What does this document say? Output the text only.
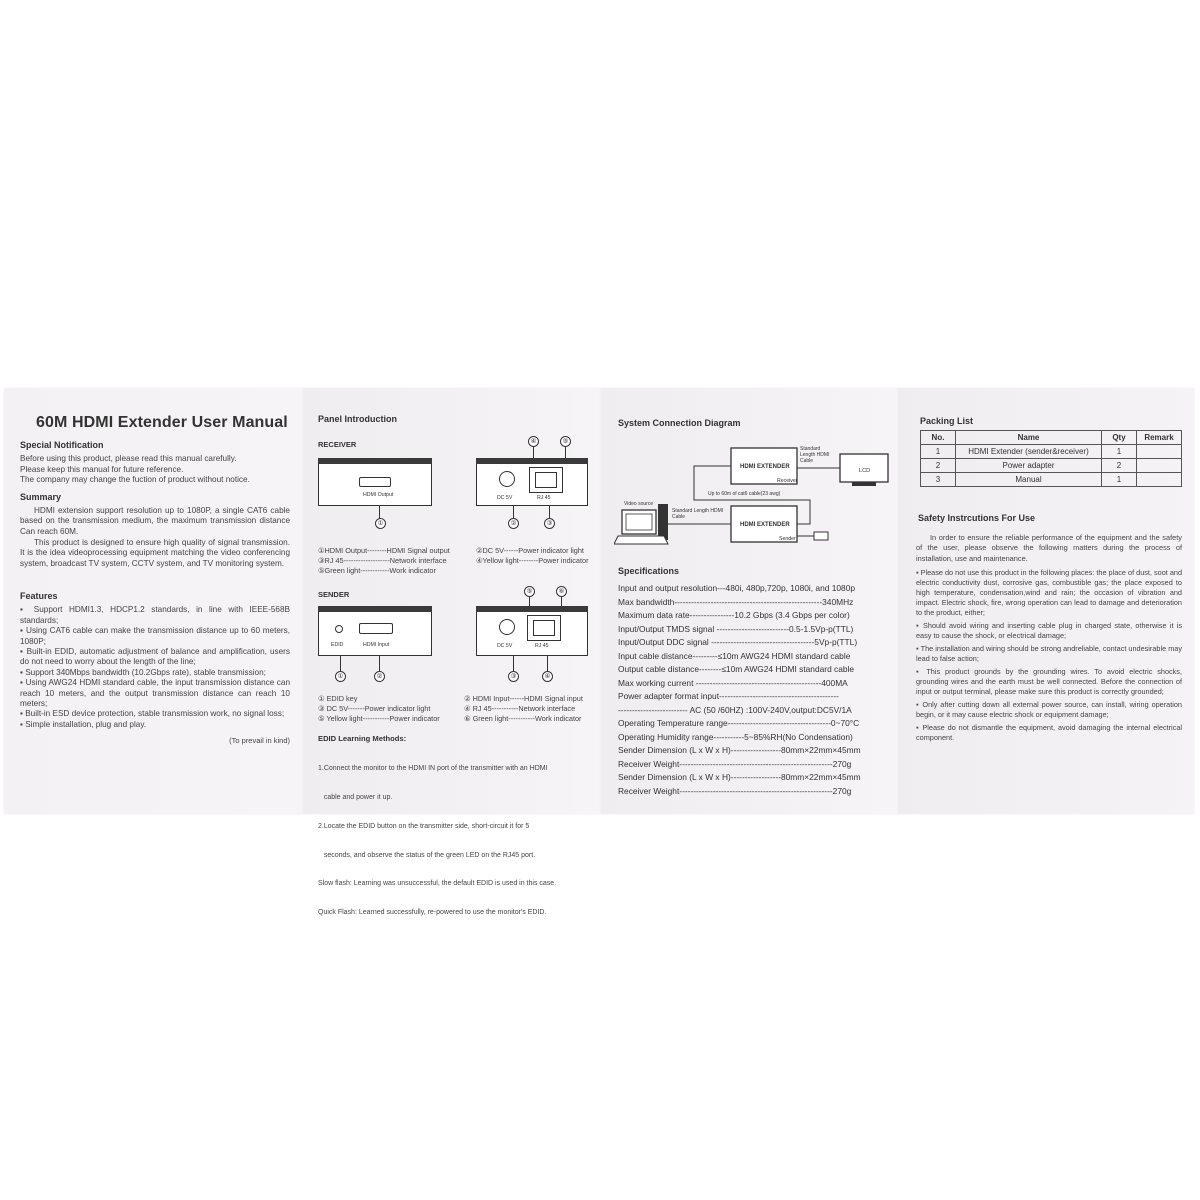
60M HDMI Extender User Manual
Special Notification

Before using this product, please read this manual carefully.

Please keep this manual for future reference.

The company may change the fuction of product without notice.

Summary

HDMI extension support resolution up to 1080P, a single CAT6 cable based on the transmission medium, the maximum transmission distance Can reach 60M.

This product is designed to ensure high quality of signal transmission. It is the idea videoprocessing equipment matching the video conferencing system, broadcast TV system, CCTV system, and TV monitoring system.

Features
▪ Support HDMI1.3, HDCP1.2 standards, in line with IEEE-568B standards;
▪ Using CAT6 cable can make the transmission distance up to 60 meters, 1080P;
▪ Built-in EDID, automatic adjustment of balance and amplification, users do not need to worry about the length of the line;
▪ Support 340Mbps bandwidth (10.2Gbps rate), stable transmission;
▪ Using AWG24 HDMI standard cable, the input transmission distance can reach 10 meters, and the output transmission distance can reach 10 meters;
▪ Built-in ESD device protection, stable transmission work, no signal loss;
▪ Simple installation, plug and play.
(To prevail in kind)
Panel Introduction
RECEIVER
HDMI Output
①
④	⑤
DC 5V	RJ 45
②	③
①HDMI Output--------HDMI Signal output
③RJ 45-------------------Network interface
⑤Green light------------Work indicator
②DC 5V------Power indicator light
④Yellow light--------Power indicator
SENDER
EDID	HDMI Input
①	②
⑤	⑥
DC 5V	RJ 45
③	④
① EDID key
③ DC 5V-------Power indicator light
⑤ Yellow light-----------Power indicator
② HDMI Input------HDMI Signal input
④ RJ 45-----------Network interface
⑥ Green light-----------Work indicator
EDID Learning Methods:

1.Connect the monitor to the HDMI IN port of the transmitter with an HDMI

cable and power it up.

2.Locate the EDID button on the transmitter side, short-circuit it for 5

seconds, and observe the status of the green LED on the RJ45 port.

Slow flash: Learning was unsuccessful, the default EDID is used in this case.

Quick Flash: Learned successfully, re-powered to use the monitor's EDID.

System Connection Diagram
HDMI EXTENDER
Receiver
HDMI EXTENDER
Sender
LCD
Standard Length HDMI Cable
Up to 60m of cat6 cable(23 awg)
Video source
Standard Length HDMI Cable
Specifications
Input and output resolution---480i, 480p,720p, 1080i, and 1080p
Max bandwidth-----------------------------------------------------340MHz
Maximum data rate----------------10.2 Gbps (3.4 Gbps per color)
Input/Output TMDS signal --------------------------0.5-1.5Vp-p(TTL)
Input/Output DDC signal -------------------------------------5Vp-p(TTL)
Input cable distance---------≤10m AWG24 HDMI standard cable
Output cable distance--------≤10m AWG24 HDMI standard cable
Max working current ---------------------------------------------400MA
Power adapter format input-------------------------------------------
------------------------- AC (50 /60HZ) :100V-240V,output:DC5V/1A
Operating Temperature range-------------------------------------0~70°C
Operating Humidity range-----------5~85%RH(No Condensation)
Sender Dimension (L x W x H)------------------80mm×22mm×45mm
Receiver Weight-------------------------------------------------------270g
Sender Dimension (L x W x H)------------------80mm×22mm×45mm
Receiver Weight-------------------------------------------------------270g
Packing List
No.	Name	Qty	Remark
1	HDMI Extender (sender&receiver)	1	
2	Power adapter	2	
3	Manual	1	
Safety Instrcutions For Use

In order to ensure the reliable performance of the equipment and the safety of the user, please observe the following matters during the process of installation, use and maintenance.

▪ Please do not use this product in the following places: the place of dust, soot and electric conductivity dust, corrosive gas, combustible gas; the place exposed to high temperature, condensation,wind and rain; the occasion of vibration and impact. Electric shock, fire, wrong operation can lead to damage and deterioration to the product, either;
▪ Should avoid wiring and inserting cable plug in charged state, otherwise it is easy to cause the shock, or electrical damage;
▪ The installation and wiring should be strong andreliable, contact undesirable may lead to false action;
▪ This product grounds by the grounding wires. To avoid electric shocks, grounding wires and the earth must be well connected. Before the connection of input or output terminal, please make sure this product is correctly grounded;
▪ Only after cutting down all external power source, can install, wiring operation begin, or it may cause electric shock or equipment damage;
▪ Please do not dismantle the equipment, avoid damaging the internal electrical component.
